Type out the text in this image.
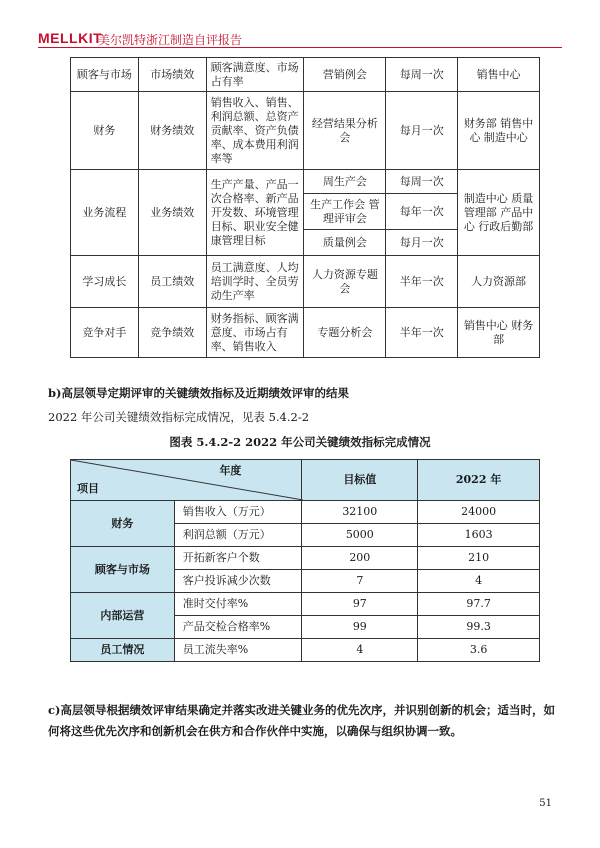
MELLKIT
美尔凯特浙江制造自评报告
顾客与市场	市场绩效	顾客满意度、市场占有率	营销例会	每周一次	销售中心
财务	财务绩效	销售收入、销售、利润总额、总资产贡献率、资产负债率、成本费用利润率等	经营结果分析会	每月一次	财务部 销售中心 制造中心
业务流程	业务绩效	生产产量、产品一次合格率、新产品开发数、环境管理目标、职业安全健康管理目标	周生产会	每周一次	制造中心 质量管理部 产品中心 行政后勤部
			生产工作会 管理评审会	每年一次	
			质量例会	每月一次	
学习成长	员工绩效	员工满意度、人均培训学时、全员劳动生产率	人力资源专题会	半年一次	人力资源部
竞争对手	竞争绩效	财务指标、顾客满意度、市场占有率、销售收入	专题分析会	半年一次	销售中心 财务部
b)高层领导定期评审的关键绩效指标及近期绩效评审的结果
2022 年公司关键绩效指标完成情况，见表 5.4.2-2
图表 5.4.2-2 2022 年公司关键绩效指标完成情况
年度
项目		目标值	2022 年
财务	销售收入（万元）	32100	24000
	利润总额（万元）	5000	1603
顾客与市场	开拓新客户个数	200	210
	客户投诉减少次数	7	4
内部运营	准时交付率%	97	97.7
	产品交检合格率%	99	99.3
员工情况	员工流失率%	4	3.6
c)高层领导根据绩效评审结果确定并落实改进关键业务的优先次序，并识别创新的机会；适当时，如何将这些优先次序和创新机会在供方和合作伙伴中实施，以确保与组织协调一致。
51
